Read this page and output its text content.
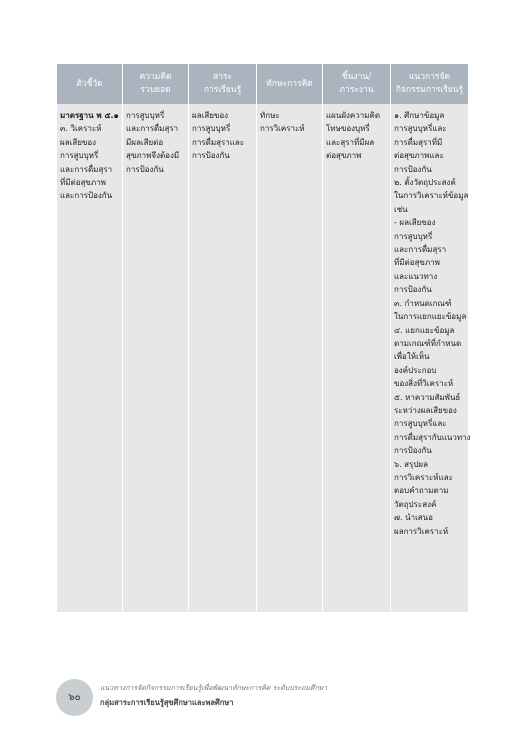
ตัวชี้วัด
ความคิด
รวบยอด
สาระ
การเรียนรู้
ทักษะการคิด
ชิ้นงาน/
ภาระงาน
แนวการจัด
กิจกรรมการเรียนรู้
มาตรฐาน พ ๕.๑
๓. วิเคราะห์
ผลเสียของ
การสูบบุหรี่
และการดื่มสุรา
ที่มีต่อสุขภาพ
และการป้องกัน
การสูบบุหรี่
และการดื่มสุรา
มีผลเสียต่อ
สุขภาพจึงต้องมี
การป้องกัน
ผลเสียของ
การสูบบุหรี่
การดื่มสุราและ
การป้องกัน
ทักษะ
การวิเคราะห์
แผนผังความคิด
โทษของบุหรี่
และสุราที่มีผล
ต่อสุขภาพ
๑. ศึกษาข้อมูล
การสูบบุหรี่และ
การดื่มสุราที่มี
ต่อสุขภาพและ
การป้องกัน
๒. ตั้งวัตถุประสงค์
ในการวิเคราะห์ข้อมูล
เช่น
- ผลเสียของ
การสูบบุหรี่
และการดื่มสุรา
ที่มีต่อสุขภาพ
และแนวทาง
การป้องกัน
๓. กำหนดเกณฑ์
ในการแยกแยะข้อมูล
๔. แยกแยะข้อมูล
ตามเกณฑ์ที่กำหนด
เพื่อให้เห็น
องค์ประกอบ
ของสิ่งที่วิเคราะห์
๕. หาความสัมพันธ์
ระหว่างผลเสียของ
การสูบบุหรี่และ
การดื่มสุรากับแนวทาง
การป้องกัน
๖. สรุปผล
การวิเคราะห์และ
ตอบคำถามตาม
วัตถุประสงค์
๗. นำเสนอ
ผลการวิเคราะห์
๖๐
แนวทางการจัดกิจกรรมการเรียนรู้เพื่อพัฒนาทักษะการคิด ระดับประถมศึกษา
กลุ่มสาระการเรียนรู้สุขศึกษาและพลศึกษา
